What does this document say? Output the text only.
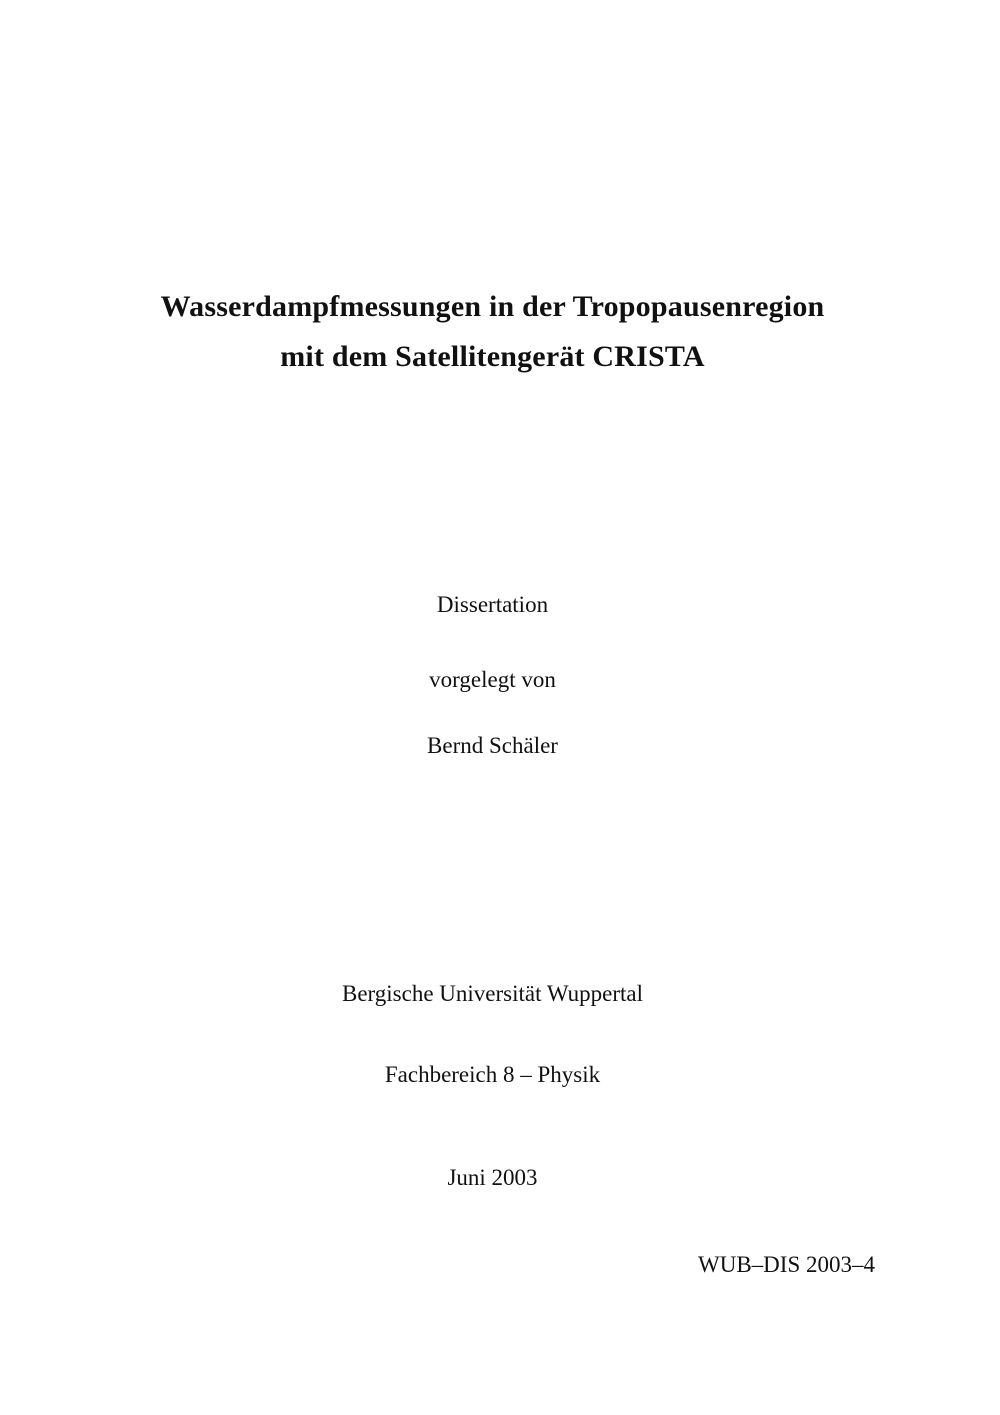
Wasserdampfmessungen in der Tropopausenregion
mit dem Satellitengerät CRISTA
Dissertation
vorgelegt von
Bernd Schäler
Bergische Universität Wuppertal
Fachbereich 8 – Physik
Juni 2003
WUB–DIS 2003–4
